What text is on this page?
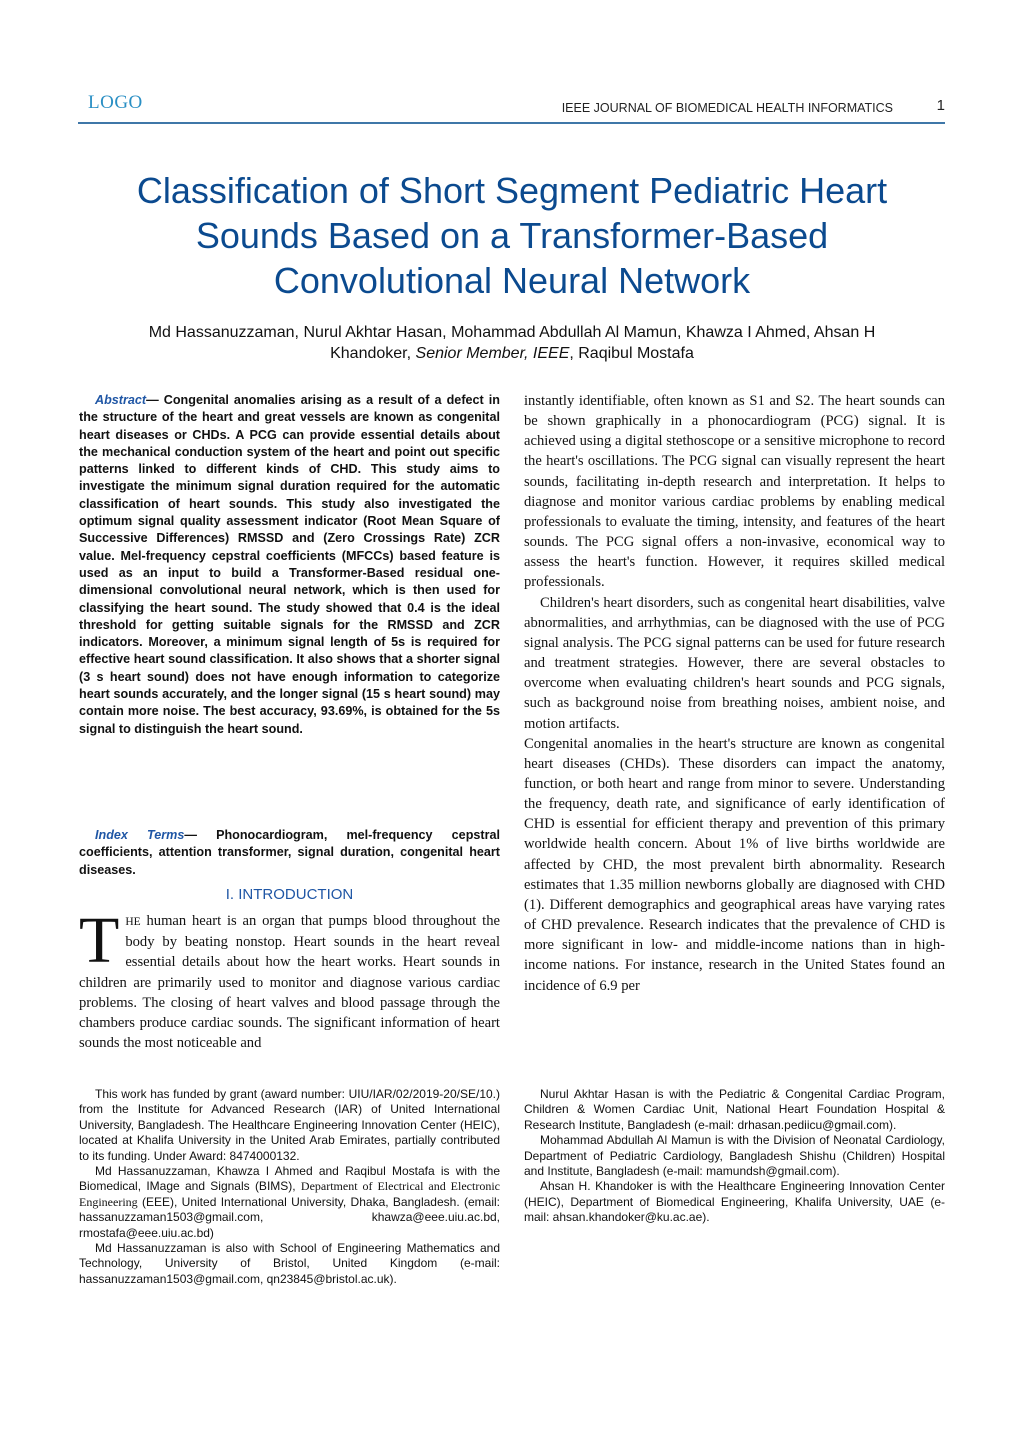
LOGO	IEEE JOURNAL OF BIOMEDICAL HEALTH INFORMATICS	1
Classification of Short Segment Pediatric Heart
Sounds Based on a Transformer-Based
Convolutional Neural Network
Md Hassanuzzaman, Nurul Akhtar Hasan, Mohammad Abdullah Al Mamun, Khawza I Ahmed, Ahsan H
Khandoker, Senior Member, IEEE, Raqibul Mostafa
Abstract— Congenital anomalies arising as a result of a defect in the structure of the heart and great vessels are known as congenital heart diseases or CHDs. A PCG can provide essential details about the mechanical conduction system of the heart and point out specific patterns linked to different kinds of CHD. This study aims to investigate the minimum signal duration required for the automatic classification of heart sounds. This study also investigated the optimum signal quality assessment indicator (Root Mean Square of Successive Differences) RMSSD and (Zero Crossings Rate) ZCR value. Mel-frequency cepstral coefficients (MFCCs) based feature is used as an input to build a Transformer-Based residual one-dimensional convolutional neural network, which is then used for classifying the heart sound. The study showed that 0.4 is the ideal threshold for getting suitable signals for the RMSSD and ZCR indicators. Moreover, a minimum signal length of 5s is required for effective heart sound classification. It also shows that a shorter signal (3 s heart sound) does not have enough information to categorize heart sounds accurately, and the longer signal (15 s heart sound) may contain more noise. The best accuracy, 93.69%, is obtained for the 5s signal to distinguish the heart sound.
Index Terms— Phonocardiogram, mel-frequency cepstral coefficients, attention transformer, signal duration, congenital heart diseases.
I. INTRODUCTION
THE human heart is an organ that pumps blood throughout the body by beating nonstop. Heart sounds in the heart reveal essential details about how the heart works. Heart sounds in children are primarily used to monitor and diagnose various cardiac problems. The closing of heart valves and blood passage through the chambers produce cardiac sounds. The significant information of heart sounds the most noticeable and

instantly identifiable, often known as S1 and S2. The heart sounds can be shown graphically in a phonocardiogram (PCG) signal. It is achieved using a digital stethoscope or a sensitive microphone to record the heart's oscillations. The PCG signal can visually represent the heart sounds, facilitating in-depth research and interpretation. It helps to diagnose and monitor various cardiac problems by enabling medical professionals to evaluate the timing, intensity, and features of the heart sounds. The PCG signal offers a non-invasive, economical way to assess the heart's function. However, it requires skilled medical professionals.

Children's heart disorders, such as congenital heart disabilities, valve abnormalities, and arrhythmias, can be diagnosed with the use of PCG signal analysis. The PCG signal patterns can be used for future research and treatment strategies. However, there are several obstacles to overcome when evaluating children's heart sounds and PCG signals, such as background noise from breathing noises, ambient noise, and motion artifacts.

Congenital anomalies in the heart's structure are known as congenital heart diseases (CHDs). These disorders can impact the anatomy, function, or both heart and range from minor to severe. Understanding the frequency, death rate, and significance of early identification of CHD is essential for efficient therapy and prevention of this primary worldwide health concern. About 1% of live births worldwide are affected by CHD, the most prevalent birth abnormality. Research estimates that 1.35 million newborns globally are diagnosed with CHD (1). Different demographics and geographical areas have varying rates of CHD prevalence. Research indicates that the prevalence of CHD is more significant in low- and middle-income nations than in high-income nations. For instance, research in the United States found an incidence of 6.9 per

This work has funded by grant (award number: UIU/IAR/02/2019-20/SE/10.) from the Institute for Advanced Research (IAR) of United International University, Bangladesh. The Healthcare Engineering Innovation Center (HEIC), located at Khalifa University in the United Arab Emirates, partially contributed to its funding. Under Award: 8474000132.

Md Hassanuzzaman, Khawza I Ahmed and Raqibul Mostafa is with the Biomedical, IMage and Signals (BIMS), Department of Electrical and Electronic Engineering (EEE), United International University, Dhaka, Bangladesh. (email: hassanuzzaman1503@gmail.com, khawza@eee.uiu.ac.bd, rmostafa@eee.uiu.ac.bd)

Md Hassanuzzaman is also with School of Engineering Mathematics and Technology, University of Bristol, United Kingdom (e-mail: hassanuzzaman1503@gmail.com, qn23845@bristol.ac.uk).

Nurul Akhtar Hasan is with the Pediatric & Congenital Cardiac Program, Children & Women Cardiac Unit, National Heart Foundation Hospital & Research Institute, Bangladesh (e-mail: drhasan.pediicu@gmail.com).

Mohammad Abdullah Al Mamun is with the Division of Neonatal Cardiology, Department of Pediatric Cardiology, Bangladesh Shishu (Children) Hospital and Institute, Bangladesh (e-mail: mamundsh@gmail.com).

Ahsan H. Khandoker is with the Healthcare Engineering Innovation Center (HEIC), Department of Biomedical Engineering, Khalifa University, UAE (e-mail: ahsan.khandoker@ku.ac.ae).
